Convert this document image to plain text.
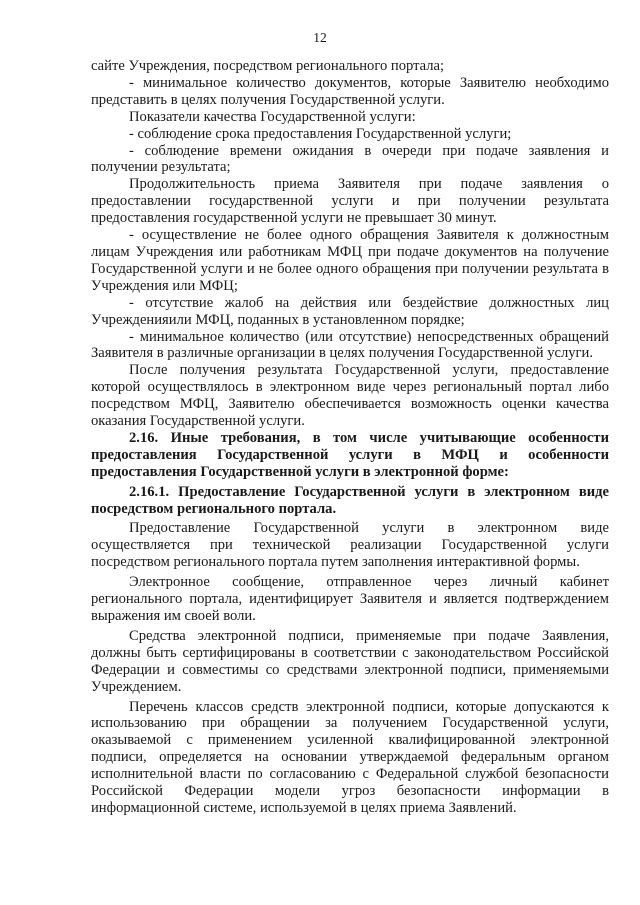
12

сайте Учреждения, посредством регионального портала;

- минимальное количество документов, которые Заявителю необходимо представить в целях получения Государственной услуги.

Показатели качества Государственной услуги:

- соблюдение срока предоставления Государственной услуги;

- соблюдение времени ожидания в очереди при подаче заявления и получении результата;

Продолжительность приема Заявителя при подаче заявления о предоставлении государственной услуги и при получении результата предоставления государственной услуги не превышает 30 минут.

- осуществление не более одного обращения Заявителя к должностным лицам Учреждения или работникам МФЦ при подаче документов на получение Государственной услуги и не более одного обращения при получении результата в Учреждения или МФЦ;

- отсутствие жалоб на действия или бездействие должностных лиц Учрежденияили МФЦ, поданных в установленном порядке;

- минимальное количество (или отсутствие) непосредственных обращений Заявителя в различные организации в целях получения Государственной услуги.

После получения результата Государственной услуги, предоставление которой осуществлялось в электронном виде через региональный портал либо посредством МФЦ, Заявителю обеспечивается возможность оценки качества оказания Государственной услуги.

2.16. Иные требования, в том числе учитывающие особенности предоставления Государственной услуги в МФЦ и особенности предоставления Государственной услуги в электронной форме:

2.16.1. Предоставление Государственной услуги в электронном виде посредством регионального портала.

Предоставление Государственной услуги в электронном виде осуществляется при технической реализации Государственной услуги посредством регионального портала путем заполнения интерактивной формы.

Электронное сообщение, отправленное через личный кабинет регионального портала, идентифицирует Заявителя и является подтверждением выражения им своей воли.

Средства электронной подписи, применяемые при подаче Заявления, должны быть сертифицированы в соответствии с законодательством Российской Федерации и совместимы со средствами электронной подписи, применяемыми Учреждением.

Перечень классов средств электронной подписи, которые допускаются к использованию при обращении за получением Государственной услуги, оказываемой с применением усиленной квалифицированной электронной подписи, определяется на основании утверждаемой федеральным органом исполнительной власти по согласованию с Федеральной службой безопасности Российской Федерации модели угроз безопасности информации в информационной системе, используемой в целях приема Заявлений.
